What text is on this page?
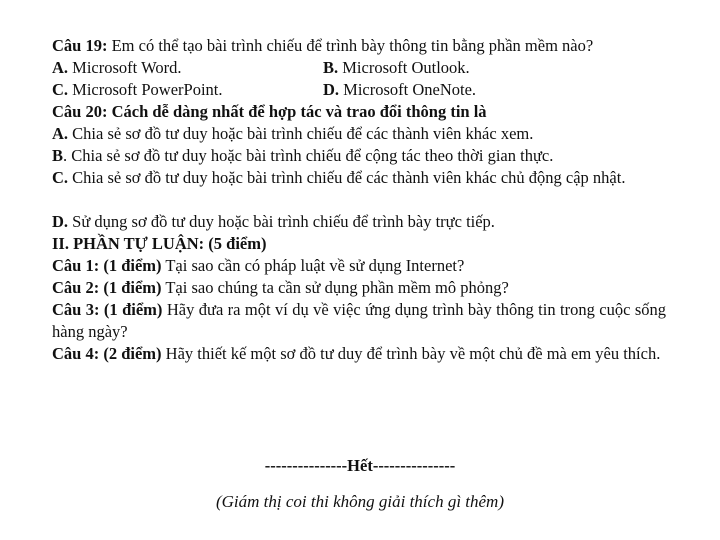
Câu 19: Em có thể tạo bài trình chiếu để trình bày thông tin bằng phần mềm nào?
A. Microsoft Word.	B. Microsoft Outlook.
C. Microsoft PowerPoint.	D. Microsoft OneNote.
Câu 20: Cách dễ dàng nhất để hợp tác và trao đổi thông tin là
A. Chia sẻ sơ đồ tư duy hoặc bài trình chiếu để các thành viên khác xem.
B. Chia sẻ sơ đồ tư duy hoặc bài trình chiếu để cộng tác theo thời gian thực.
C. Chia sẻ sơ đồ tư duy hoặc bài trình chiếu để các thành viên khác chủ động cập nhật.
D. Sử dụng sơ đồ tư duy hoặc bài trình chiếu để trình bày trực tiếp.
II. PHẦN TỰ LUẬN: (5 điểm)
Câu 1: (1 điểm) Tại sao cần có pháp luật về sử dụng Internet?
Câu 2: (1 điểm) Tại sao chúng ta cần sử dụng phần mềm mô phỏng?
Câu 3: (1 điểm) Hãy đưa ra một ví dụ về việc ứng dụng trình bày thông tin trong cuộc sống hàng ngày?
Câu 4: (2 điểm) Hãy thiết kế một sơ đồ tư duy để trình bày về một chủ đề mà em yêu thích.
---------------Hết---------------
(Giám thị coi thi không giải thích gì thêm)
